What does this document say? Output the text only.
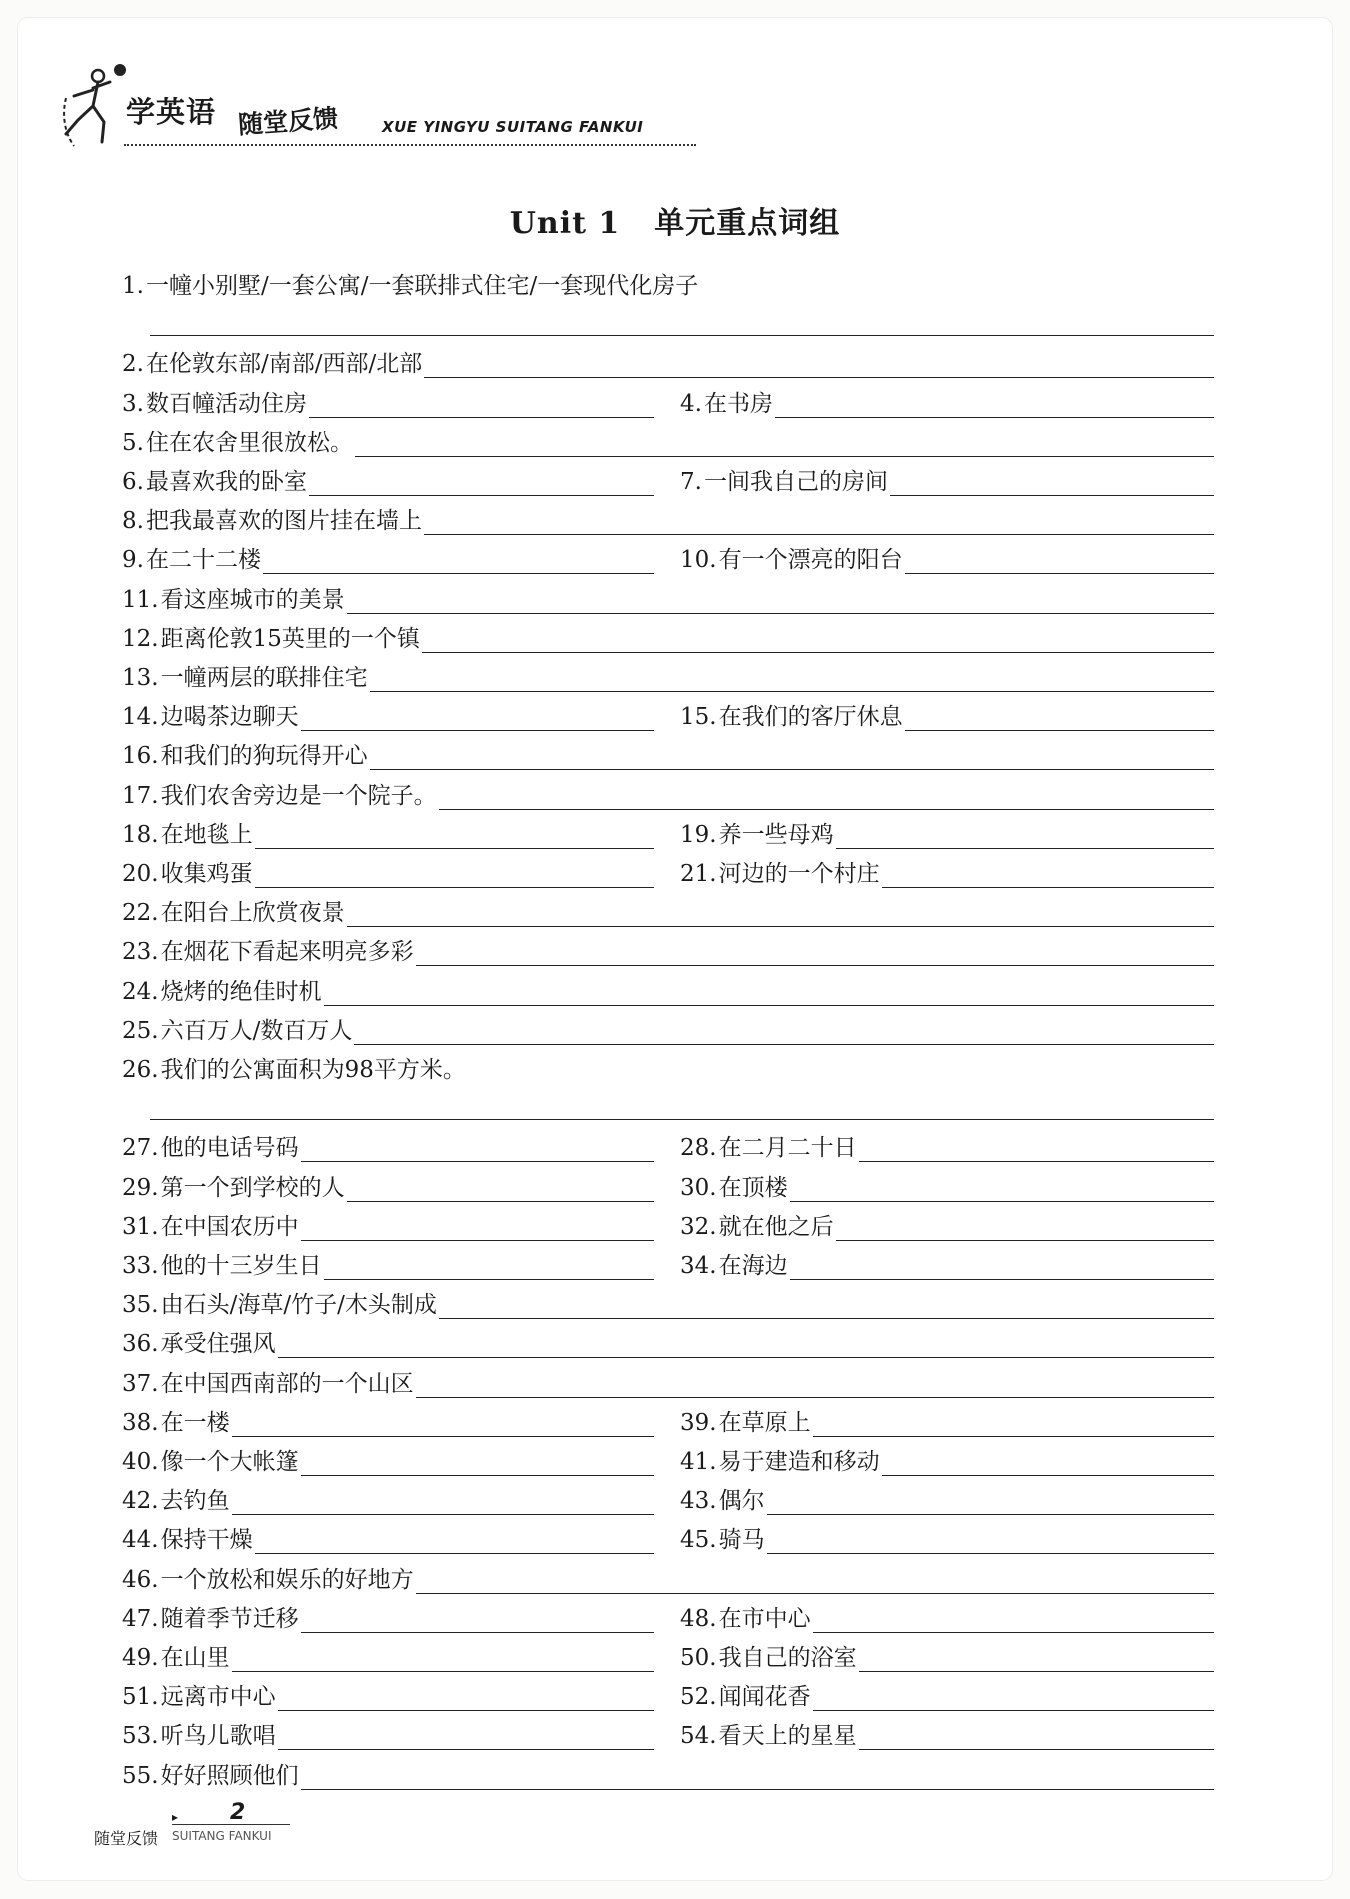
学英语 随堂反馈	XUE YINGYU SUITANG FANKUI
Unit 1 单元重点词组
1. 一幢小别墅/一套公寓/一套联排式住宅/一套现代化房子
2. 在伦敦东部/南部/西部/北部
3. 数百幢活动住房	4. 在书房
5. 住在农舍里很放松。
6. 最喜欢我的卧室	7. 一间我自己的房间
8. 把我最喜欢的图片挂在墙上
9. 在二十二楼	10. 有一个漂亮的阳台
11. 看这座城市的美景
12. 距离伦敦15英里的一个镇
13. 一幢两层的联排住宅
14. 边喝茶边聊天	15. 在我们的客厅休息
16. 和我们的狗玩得开心
17. 我们农舍旁边是一个院子。
18. 在地毯上	19. 养一些母鸡
20. 收集鸡蛋	21. 河边的一个村庄
22. 在阳台上欣赏夜景
23. 在烟花下看起来明亮多彩
24. 烧烤的绝佳时机
25. 六百万人/数百万人
26. 我们的公寓面积为98平方米。
27. 他的电话号码	28. 在二月二十日
29. 第一个到学校的人	30. 在顶楼
31. 在中国农历中	32. 就在他之后
33. 他的十三岁生日	34. 在海边
35. 由石头/海草/竹子/木头制成
36. 承受住强风
37. 在中国西南部的一个山区
38. 在一楼	39. 在草原上
40. 像一个大帐篷	41. 易于建造和移动
42. 去钓鱼	43. 偶尔
44. 保持干燥	45. 骑马
46. 一个放松和娱乐的好地方
47. 随着季节迁移	48. 在市中心
49. 在山里	50. 我自己的浴室
51. 远离市中心	52. 闻闻花香
53. 听鸟儿歌唱	54. 看天上的星星
55. 好好照顾他们
▸ 2
随堂反馈 SUITANG FANKUI
